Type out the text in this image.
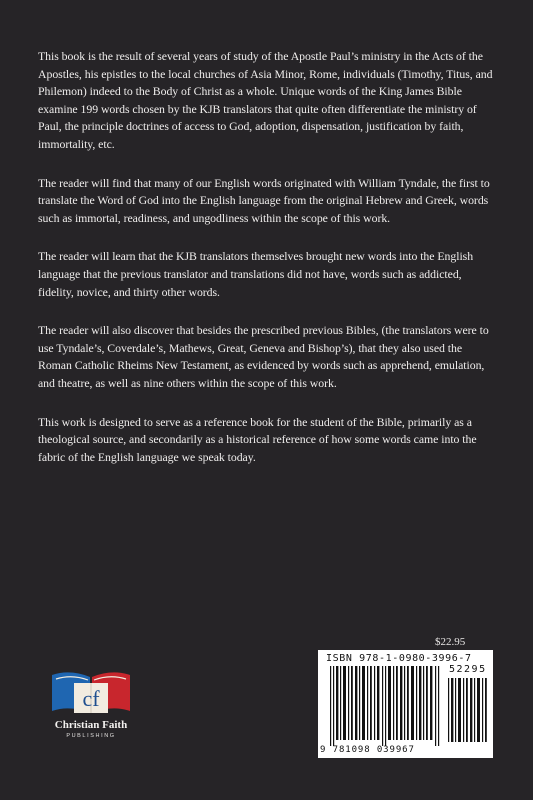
This book is the result of several years of study of the Apostle Paul’s ministry in the Acts of the Apostles, his epistles to the local churches of Asia Minor, Rome, individuals (Timothy, Titus, and Philemon) indeed to the Body of Christ as a whole. Unique words of the King James Bible examine 199 words chosen by the KJB translators that quite often differentiate the ministry of Paul, the principle doctrines of access to God, adoption, dispensation, justification by faith, immortality, etc.

The reader will find that many of our English words originated with William Tyndale, the first to translate the Word of God into the English language from the original Hebrew and Greek, words such as immortal, readiness, and ungodliness within the scope of this work.

The reader will learn that the KJB translators themselves brought new words into the English language that the previous translator and translations did not have, words such as addicted, fidelity, novice, and thirty other words.

The reader will also discover that besides the prescribed previous Bibles, (the translators were to use Tyndale’s, Coverdale’s, Mathews, Great, Geneva and Bishop’s), that they also used the Roman Catholic Rheims New Testament, as evidenced by words such as apprehend, emulation, and theatre, as well as nine others within the scope of this work.

This work is designed to serve as a reference book for the student of the Bible, primarily as a theological source, and secondarily as a historical reference of how some words came into the fabric of the English language we speak today.

cf
Christian Faith
PUBLISHING
$22.95
ISBN 978-1-0980-3996-7
52295
9 781098 039967
